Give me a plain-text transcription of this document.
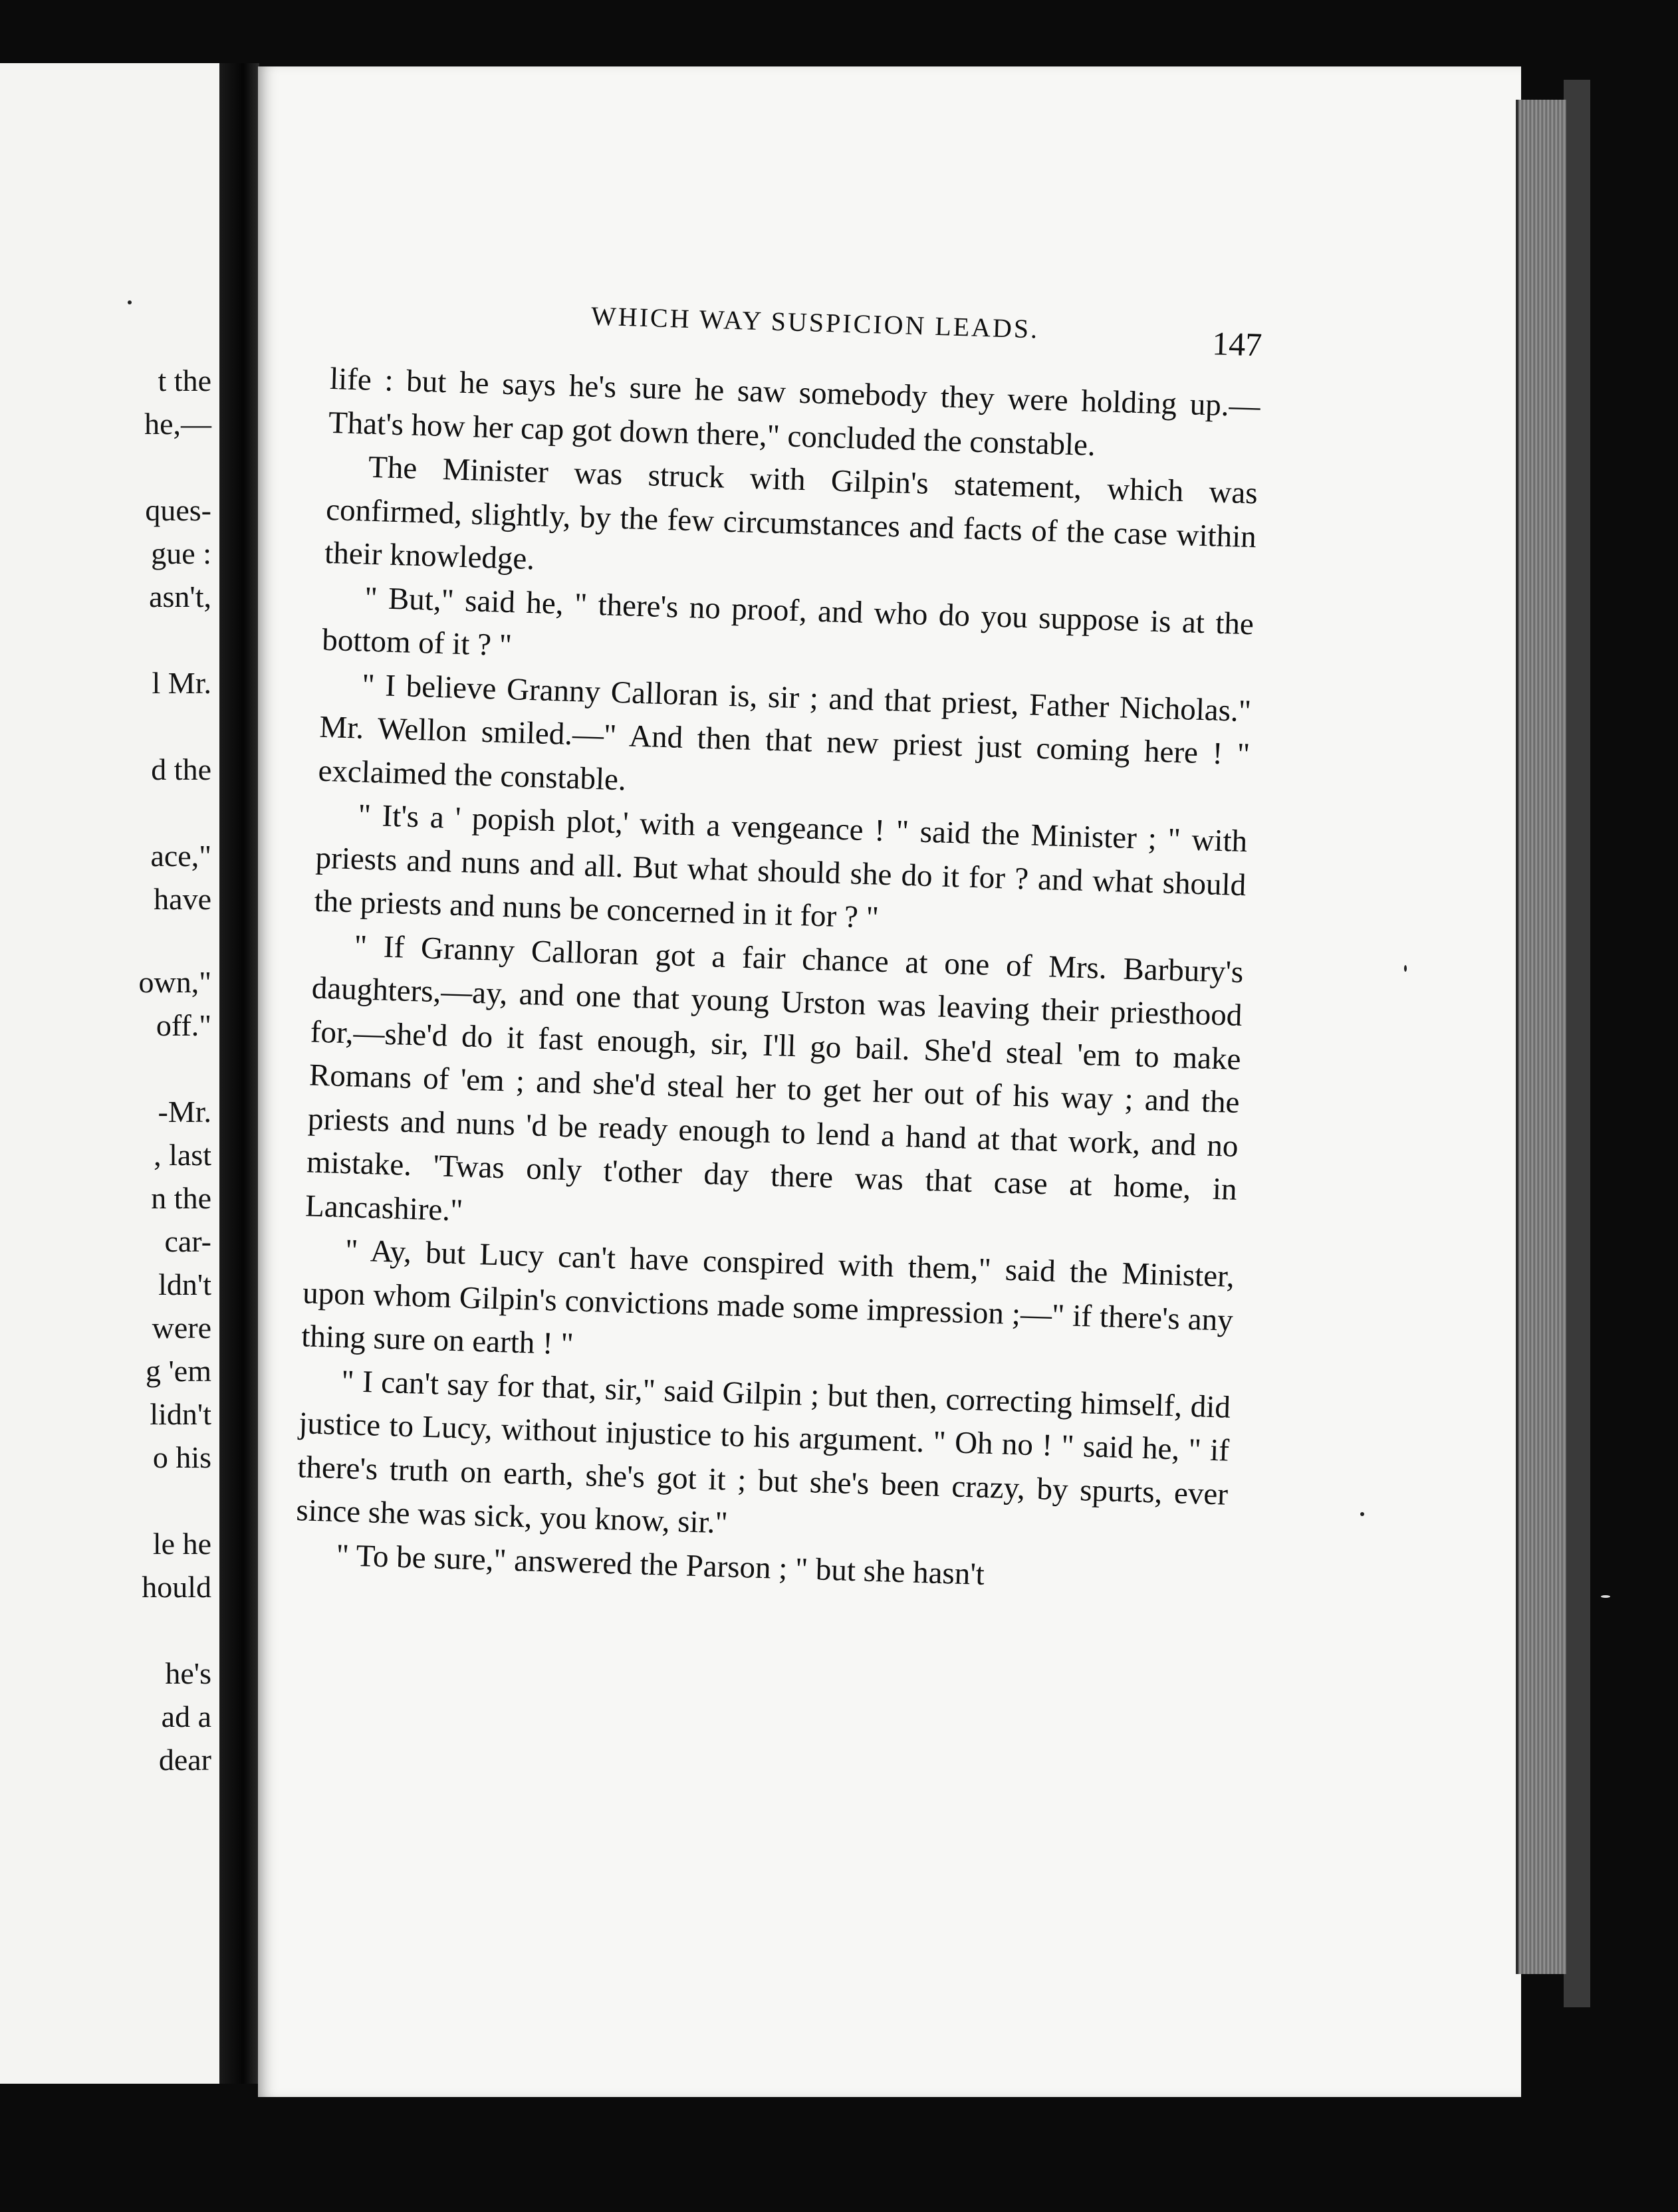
t the
he,—
ques-
gue :
asn't,
l Mr.
d the
ace,"
have
own,"
off."
-Mr.
, last
n the
car-
ldn't
were
g 'em
lidn't
o his
le he
hould
he's
ad a
dear
WHICH WAY SUSPICION LEADS.	147

life : but he says he's sure he saw somebody they were holding up.—That's how her cap got down there," concluded the constable.

The Minister was struck with Gilpin's statement, which was confirmed, slightly, by the few circumstances and facts of the case within their knowledge.

" But," said he, " there's no proof, and who do you suppose is at the bottom of it ? "

" I believe Granny Calloran is, sir ; and that priest, Father Nicholas." Mr. Wellon smiled.—" And then that new priest just coming here ! " exclaimed the constable.

" It's a ' popish plot,' with a vengeance ! " said the Minister ; " with priests and nuns and all. But what should she do it for ? and what should the priests and nuns be concerned in it for ? "

" If Granny Calloran got a fair chance at one of Mrs. Barbury's daughters,—ay, and one that young Urston was leaving their priesthood for,—she'd do it fast enough, sir, I'll go bail. She'd steal 'em to make Romans of 'em ; and she'd steal her to get her out of his way ; and the priests and nuns 'd be ready enough to lend a hand at that work, and no mistake. 'Twas only t'other day there was that case at home, in Lancashire."

" Ay, but Lucy can't have conspired with them," said the Minister, upon whom Gilpin's convictions made some impression ;—" if there's any thing sure on earth ! "

" I can't say for that, sir," said Gilpin ; but then, correcting himself, did justice to Lucy, without injustice to his argument. " Oh no ! " said he, " if there's truth on earth, she's got it ; but she's been crazy, by spurts, ever since she was sick, you know, sir."

" To be sure," answered the Parson ; " but she hasn't
